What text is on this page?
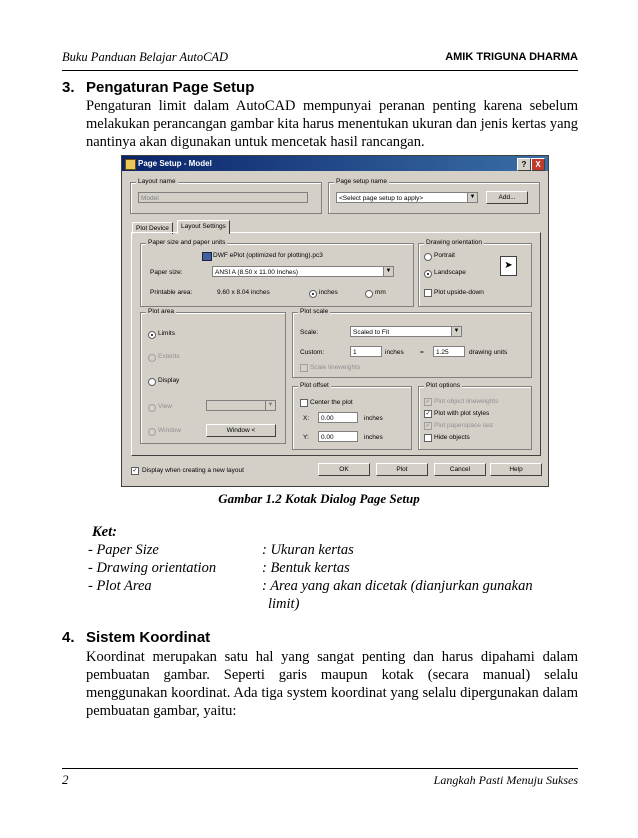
Buku Panduan Belajar AutoCAD	AMIK TRIGUNA DHARMA
3. Pengaturan Page Setup
Pengaturan limit dalam AutoCAD mempunyai peranan penting karena sebelum melakukan perancangan gambar kita harus menentukan ukuran dan jenis kertas yang nantinya akan digunakan untuk mencetak hasil rancangan.
Page Setup - Model	?	X
Layout name
Model
Page setup name
<Select page setup to apply>	▼	Add...
Plot Device	Layout Settings
Paper size and paper units
DWF ePlot (optimized for plotting).pc3
Paper size:	ANSI A (8.50 x 11.00 Inches)	▼
Printable area:	9.60 x 8.04 inches	inches	mm
Drawing orientation
Portrait
Landscape
Plot upside-down
➤
Plot area
Limits
Extents
Display
View	▼
Window	Window <
Plot scale
Scale:	Scaled to Fit	▼
Custom:	1	inches =	1.25	drawing units
Scale lineweights
Plot offset
Center the plot
X:	0.00	inches
Y:	0.00	inches
Plot options
✓ Plot object lineweights
✓ Plot with plot styles
✓ Plot paperspace last
Hide objects
✓ Display when creating a new layout	OK	Plot	Cancel	Help
Gambar 1.2 Kotak Dialog Page Setup
Ket:
- Paper Size	: Ukuran kertas
- Drawing orientation	: Bentuk kertas
- Plot Area	: Area yang akan dicetak (dianjurkan gunakan
limit)
4. Sistem Koordinat
Koordinat merupakan satu hal yang sangat penting dan harus dipahami dalam pembuatan gambar. Seperti garis maupun kotak (secara manual) selalu menggunakan koordinat. Ada tiga system koordinat yang selalu dipergunakan dalam pembuatan gambar, yaitu:
2	Langkah Pasti Menuju Sukses
